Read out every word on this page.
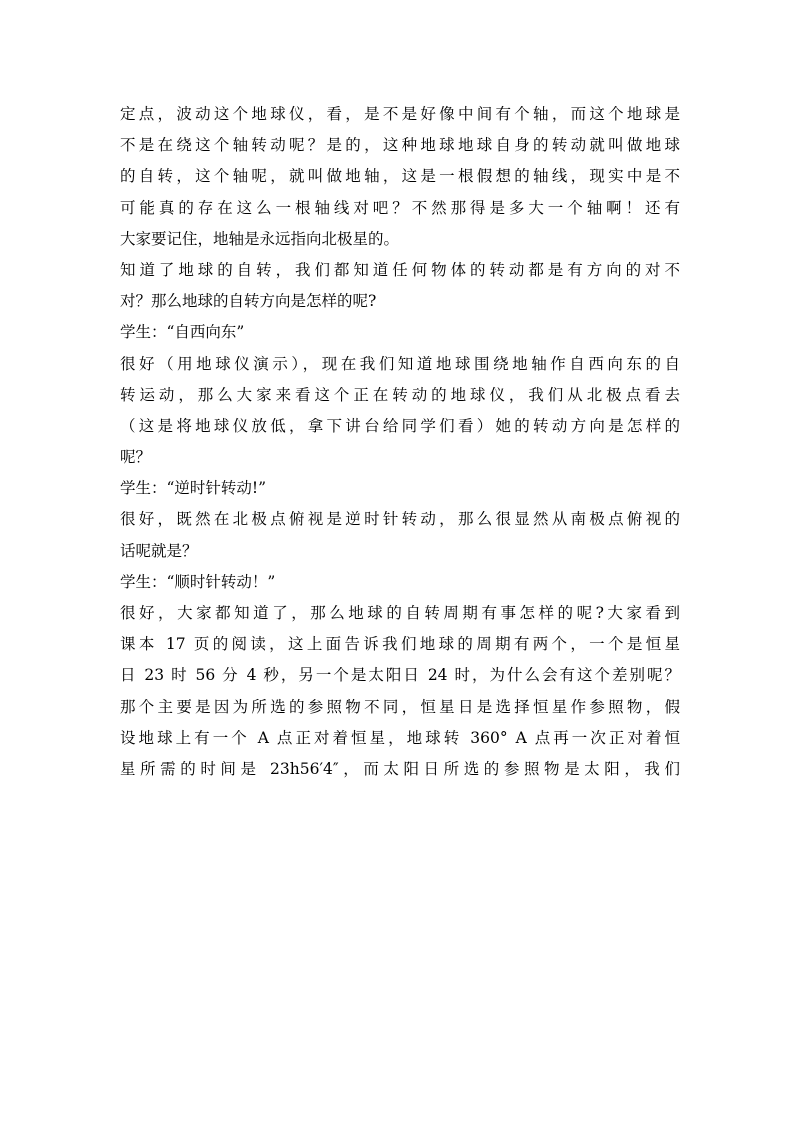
定点，波动这个地球仪，看，是不是好像中间有个轴，而这个地球是
不是在绕这个轴转动呢？是的，这种地球地球自身的转动就叫做地球
的自转，这个轴呢，就叫做地轴，这是一根假想的轴线，现实中是不
可能真的存在这么一根轴线对吧？不然那得是多大一个轴啊！还有
大家要记住，地轴是永远指向北极星的。

知道了地球的自转，我们都知道任何物体的转动都是有方向的对不
对？那么地球的自转方向是怎样的呢?

学生：“自西向东”

很好（用地球仪演示），现在我们知道地球围绕地轴作自西向东的自
转运动，那么大家来看这个正在转动的地球仪，我们从北极点看去
（这是将地球仪放低，拿下讲台给同学们看）她的转动方向是怎样的
呢？

学生：“逆时针转动!”

很好，既然在北极点俯视是逆时针转动，那么很显然从南极点俯视的
话呢就是？

学生：“顺时针转动！”

很好，大家都知道了，那么地球的自转周期有事怎样的呢?大家看到
课本 17 页的阅读，这上面告诉我们地球的周期有两个，一个是恒星
日 23 时 56 分 4 秒，另一个是太阳日 24 时，为什么会有这个差别呢？
那个主要是因为所选的参照物不同，恒星日是选择恒星作参照物，假
设地球上有一个 A 点正对着恒星，地球转 360° A 点再一次正对着恒
星所需的时间是 23h56′4″，而太阳日所选的参照物是太阳，我们
